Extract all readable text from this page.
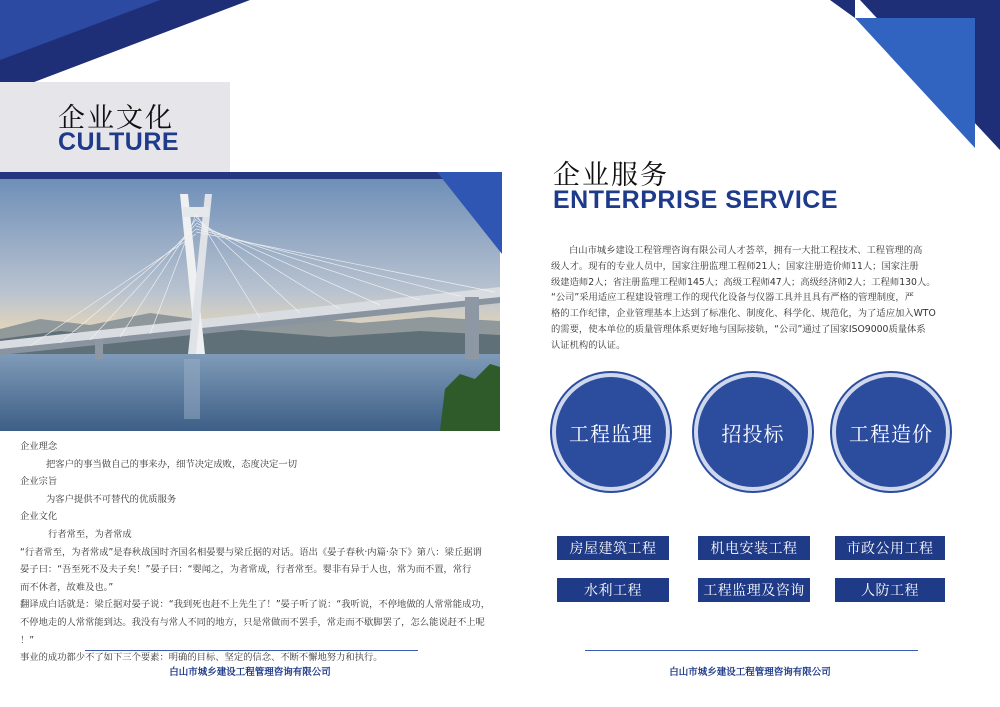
企业文化
CULTURE

企业理念

把客户的事当做自己的事来办，细节决定成败，态度决定一切

企业宗旨

为客户提供不可替代的优质服务

企业文化

行者常至，为者常成

“行者常至，为者常成”是春秋战国时齐国名相晏婴与梁丘据的对话。语出《晏子春秋·内篇·杂下》第八：梁丘据谓

晏子曰：“吾至死不及夫子矣！”晏子曰：“婴闻之，为者常成，行者常至。婴非有异于人也，常为而不置，常行

而不休者，故难及也。”

翻译成白话就是：梁丘据对晏子说：“我到死也赶不上先生了！”晏子听了说：“我听说，不停地做的人常常能成功，

不停地走的人常常能到达。我没有与常人不同的地方，只是常做而不罢手，常走而不歇脚罢了，怎么能说赶不上呢

！”

事业的成功都少不了如下三个要素：明确的目标、坚定的信念、不断不懈地努力和执行。

白山市城乡建设工程管理咨询有限公司
企业服务
ENTERPRISE SERVICE

白山市城乡建设工程管理咨询有限公司人才荟萃，拥有一大批工程技术、工程管理的高

级人才。现有的专业人员中，国家注册监理工程师21人；国家注册造价师11人；国家注册

级建造师2人；省注册监理工程师145人；高级工程师47人；高级经济师2人；工程师130人。

“公司”采用适应工程建设管理工作的现代化设备与仪器工具并且具有严格的管理制度，严

格的工作纪律，企业管理基本上达到了标准化、制度化、科学化、规范化，为了适应加入WTO

的需要，使本单位的质量管理体系更好地与国际接轨，“公司”通过了国家ISO9000质量体系

认证机构的认证。

工程监理	招投标	工程造价
房屋建筑工程	机电安装工程	市政公用工程
水利工程	工程监理及咨询	人防工程
白山市城乡建设工程管理咨询有限公司
